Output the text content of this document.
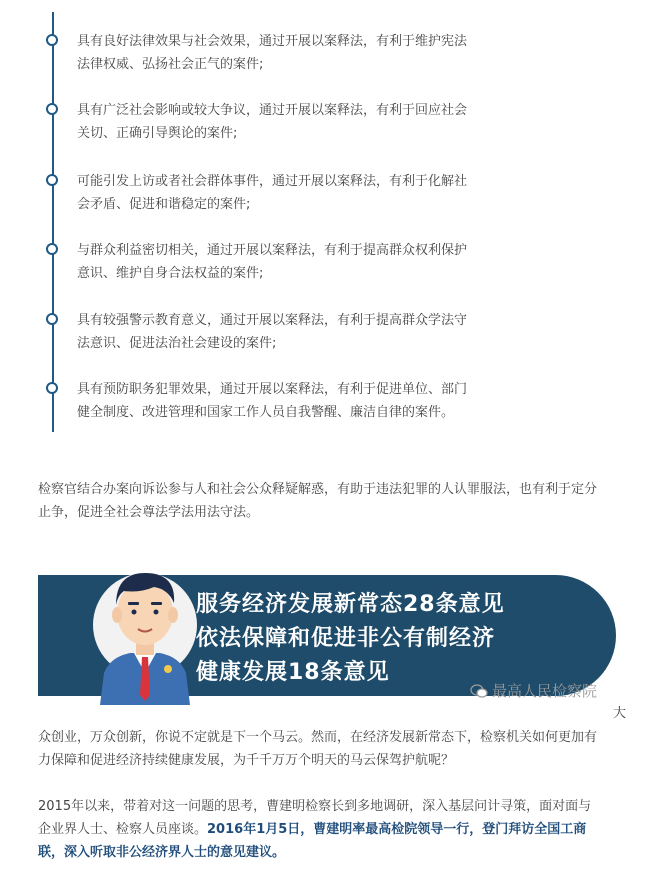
具有良好法律效果与社会效果，通过开展以案释法，有利于维护宪法
法律权威、弘扬社会正气的案件;
具有广泛社会影响或较大争议，通过开展以案释法，有利于回应社会
关切、正确引导舆论的案件;
可能引发上访或者社会群体事件，通过开展以案释法，有利于化解社
会矛盾、促进和谐稳定的案件;
与群众利益密切相关，通过开展以案释法，有利于提高群众权利保护
意识、维护自身合法权益的案件;
具有较强警示教育意义，通过开展以案释法，有利于提高群众学法守
法意识、促进法治社会建设的案件;
具有预防职务犯罪效果，通过开展以案释法，有利于促进单位、部门
健全制度、改进管理和国家工作人员自我警醒、廉洁自律的案件。
检察官结合办案向诉讼参与人和社会公众释疑解惑，有助于违法犯罪的人认罪服法，也有利于定分
止争，促进全社会尊法学法用法守法。
服务经济发展新常态28条意见
依法保障和促进非公有制经济
健康发展18条意见
最高人民检察院
大
众创业，万众创新，你说不定就是下一个马云。然而，在经济发展新常态下，检察机关如何更加有
力保障和促进经济持续健康发展，为千千万万个明天的马云保驾护航呢？
2015年以来，带着对这一问题的思考，曹建明检察长到多地调研，深入基层问计寻策，面对面与
企业界人士、检察人员座谈。2016年1月5日，曹建明率最高检院领导一行，登门拜访全国工商
联，深入听取非公经济界人士的意见建议。
